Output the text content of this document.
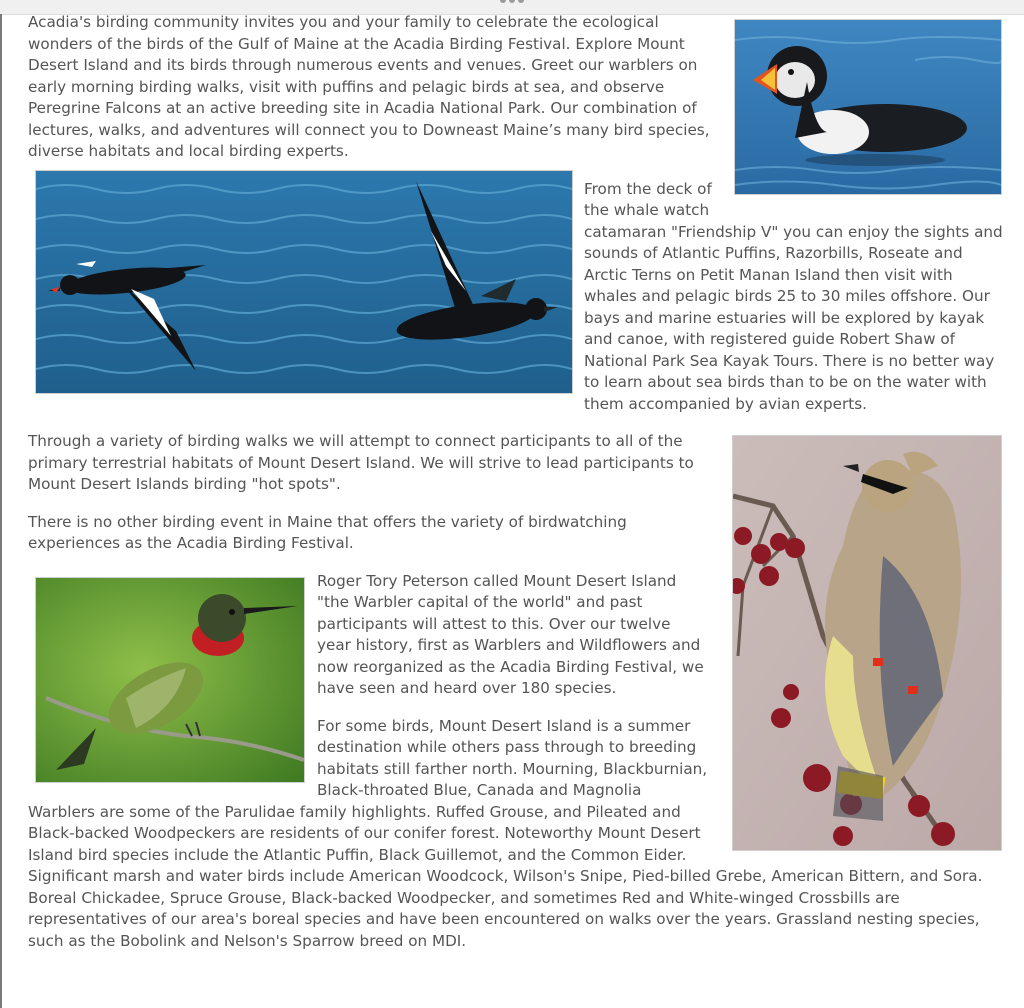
Acadia's birding community invites you and your family to celebrate the ecological wonders of the birds of the Gulf of Maine at the Acadia Birding Festival. Explore Mount Desert Island and its birds through numerous events and venues. Greet our warblers on early morning birding walks, visit with puffins and pelagic birds at sea, and observe Peregrine Falcons at an active breeding site in Acadia National Park. Our combination of lectures, walks, and adventures will connect you to Downeast Maine’s many bird species, diverse habitats and local birding experts.

From the deck of the whale watch catamaran "Friendship V" you can enjoy the sights and sounds of Atlantic Puffins, Razorbills, Roseate and Arctic Terns on Petit Manan Island then visit with whales and pelagic birds 25 to 30 miles offshore. Our bays and marine estuaries will be explored by kayak and canoe, with registered guide Robert Shaw of National Park Sea Kayak Tours. There is no better way to learn about sea birds than to be on the water with them accompanied by avian experts.

Through a variety of birding walks we will attempt to connect participants to all of the primary terrestrial habitats of Mount Desert Island. We will strive to lead participants to Mount Desert Islands birding "hot spots".

There is no other birding event in Maine that offers the variety of birdwatching experiences as the Acadia Birding Festival.

Roger Tory Peterson called Mount Desert Island "the Warbler capital of the world" and past participants will attest to this. Over our twelve year history, first as Warblers and Wildflowers and now reorganized as the Acadia Birding Festival, we have seen and heard over 180 species.

For some birds, Mount Desert Island is a summer destination while others pass through to breeding habitats still farther north. Mourning, Blackburnian, Black-throated Blue, Canada and Magnolia Warblers are some of the Parulidae family highlights. Ruffed Grouse, and Pileated and Black-backed Woodpeckers are residents of our conifer forest. Noteworthy Mount Desert Island bird species include the Atlantic Puffin, Black Guillemot, and the Common Eider. Significant marsh and water birds include American Woodcock, Wilson's Snipe, Pied-billed Grebe, American Bittern, and Sora. Boreal Chickadee, Spruce Grouse, Black-backed Woodpecker, and sometimes Red and White-winged Crossbills are representatives of our area's boreal species and have been encountered on walks over the years. Grassland nesting species, such as the Bobolink and Nelson's Sparrow breed on MDI.
